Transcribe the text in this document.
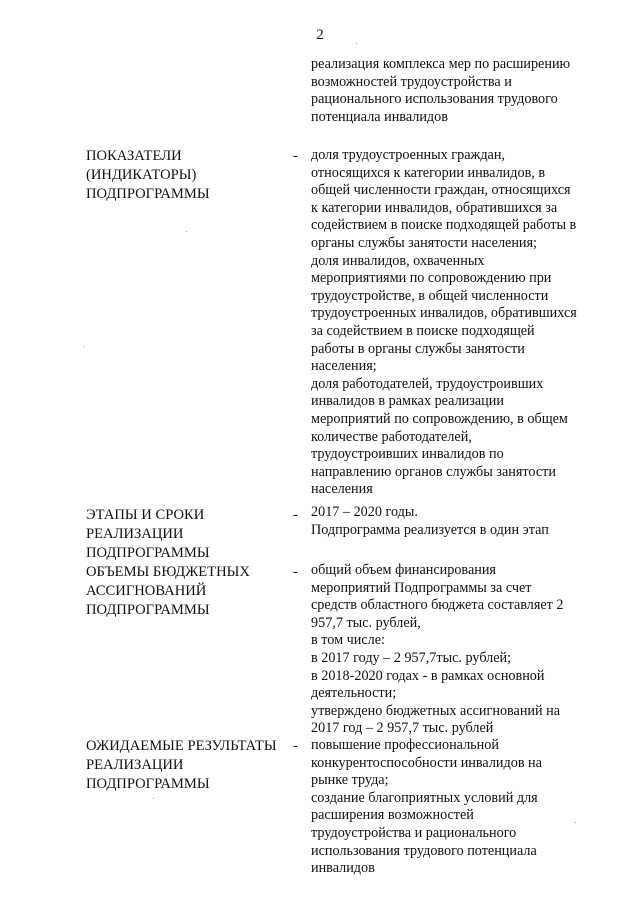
2

реализация комплекса мер по расширению возможностей трудоустройства и рационального использования трудового потенциала инвалидов

ПОКАЗАТЕЛИ (ИНДИКАТОРЫ) ПОДПРОГРАММЫ
- доля трудоустроенных граждан, относящихся к категории инвалидов, в общей численности граждан, относящихся к категории инвалидов, обратившихся за содействием в поиске подходящей работы в органы службы занятости населения;

доля инвалидов, охваченных мероприятиями по сопровождению при трудоустройстве, в общей численности трудоустроенных инвалидов, обратившихся за содействием в поиске подходящей работы в органы службы занятости населения;

доля работодателей, трудоустроивших инвалидов в рамках реализации мероприятий по сопровождению, в общем количестве работодателей, трудоустроивших инвалидов по направлению органов службы занятости населения

ЭТАПЫ И СРОКИ РЕАЛИЗАЦИИ ПОДПРОГРАММЫ
- 2017 – 2020 годы.

Подпрограмма реализуется в один этап

ОБЪЕМЫ БЮДЖЕТНЫХ АССИГНОВАНИЙ ПОДПРОГРАММЫ
- общий объем финансирования мероприятий Подпрограммы за счет средств областного бюджета составляет 2 957,7 тыс. рублей,

в том числе:

в 2017 году – 2 957,7тыс. рублей;

в 2018-2020 годах - в рамках основной деятельности;

утверждено бюджетных ассигнований на 2017 год – 2 957,7 тыс. рублей

ОЖИДАЕМЫЕ РЕЗУЛЬТАТЫ РЕАЛИЗАЦИИ ПОДПРОГРАММЫ
- повышение профессиональной конкурентоспособности инвалидов на рынке труда;

создание благоприятных условий для расширения возможностей трудоустройства и рационального использования трудового потенциала инвалидов
